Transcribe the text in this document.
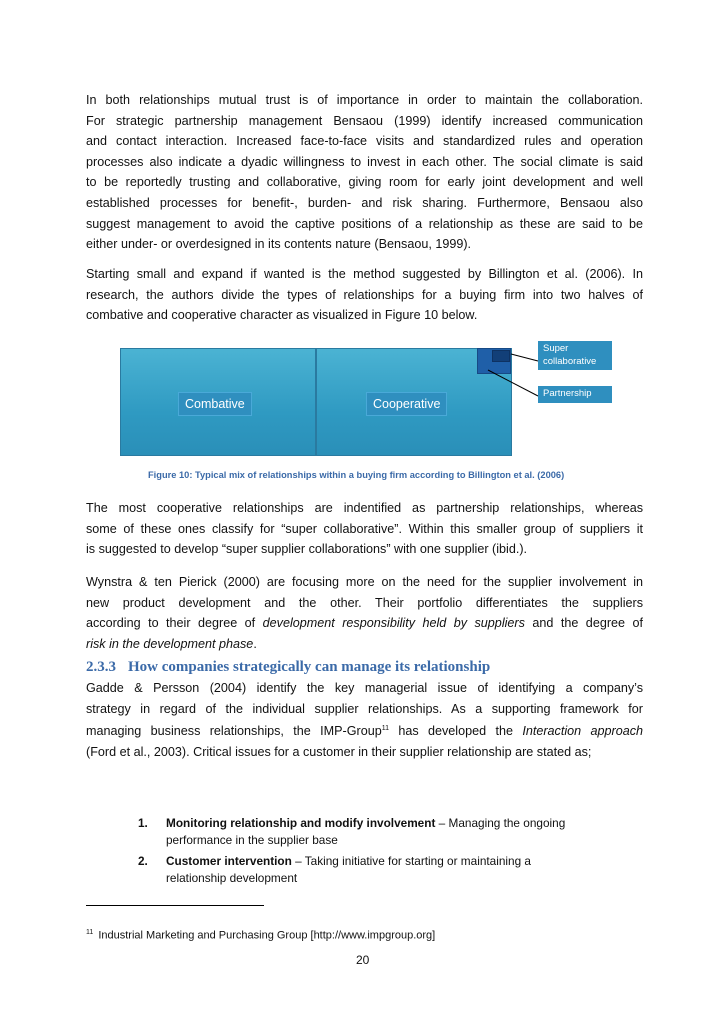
In both relationships mutual trust is of importance in order to maintain the collaboration.
For strategic partnership management Bensaou (1999) identify increased communication
and contact interaction. Increased face-to-face visits and standardized rules and operation
processes also indicate a dyadic willingness to invest in each other. The social climate is said
to be reportedly trusting and collaborative, giving room for early joint development and well
established processes for benefit-, burden- and risk sharing. Furthermore, Bensaou also
suggest management to avoid the captive positions of a relationship as these are said to be
either under- or overdesigned in its contents nature (Bensaou, 1999).
Starting small and expand if wanted is the method suggested by Billington et al. (2006). In
research, the authors divide the types of relationships for a buying firm into two halves of
combative and cooperative character as visualized in Figure 10 below.
Combative	Cooperative
Super
collaborative
Partnership
Figure 10: Typical mix of relationships within a buying firm according to Billington et al. (2006)
The most cooperative relationships are indentified as partnership relationships, whereas
some of these ones classify for “super collaborative”. Within this smaller group of suppliers it
is suggested to develop “super supplier collaborations” with one supplier (ibid.).
Wynstra & ten Pierick (2000) are focusing more on the need for the supplier involvement in
new product development and the other. Their portfolio differentiates the suppliers
according to their degree of development responsibility held by suppliers and the degree of
risk in the development phase.
2.3.3 How companies strategically can manage its relationship
Gadde & Persson (2004) identify the key managerial issue of identifying a company’s
strategy in regard of the individual supplier relationships. As a supporting framework for
managing business relationships, the IMP-Group$^{11}$ has developed the Interaction approach
(Ford et al., 2003). Critical issues for a customer in their supplier relationship are stated as;
1. Monitoring relationship and modify involvement – Managing the ongoing
performance in the supplier base
2. Customer intervention – Taking initiative for starting or maintaining a
relationship development
$^{11}$ Industrial Marketing and Purchasing Group [http://www.impgroup.org]
20
